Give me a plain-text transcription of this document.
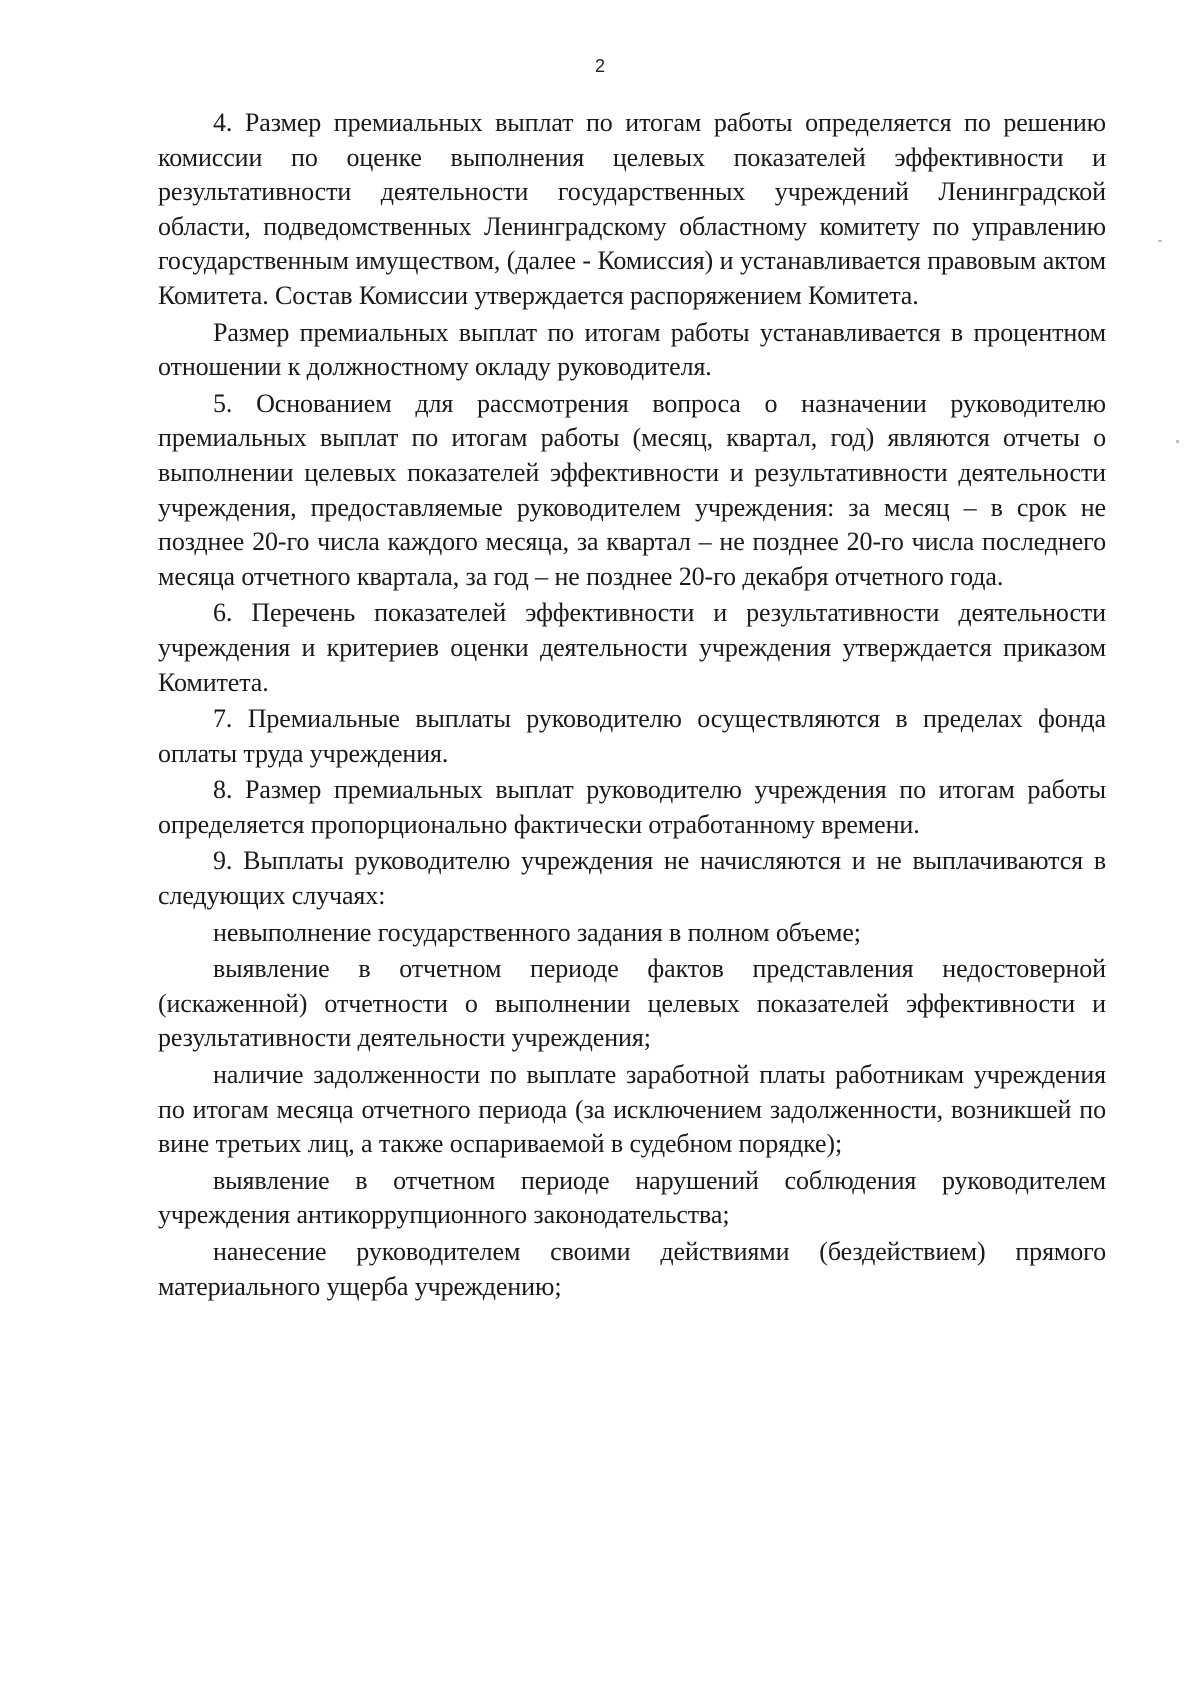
2

4. Размер премиальных выплат по итогам работы определяется по решению комиссии по оценке выполнения целевых показателей эффективности и результативности деятельности государственных учреждений Ленинградской области, подведомственных Ленинградскому областному комитету по управлению государственным имуществом, (далее - Комиссия) и устанавливается правовым актом Комитета. Состав Комиссии утверждается распоряжением Комитета.

Размер премиальных выплат по итогам работы устанавливается в процентном отношении к должностному окладу руководителя.

5. Основанием для рассмотрения вопроса о назначении руководителю премиальных выплат по итогам работы (месяц, квартал, год) являются отчеты о выполнении целевых показателей эффективности и результативности деятельности учреждения, предоставляемые руководителем учреждения: за месяц – в срок не позднее 20-го числа каждого месяца, за квартал – не позднее 20-го числа последнего месяца отчетного квартала, за год – не позднее 20-го декабря отчетного года.

6. Перечень показателей эффективности и результативности деятельности учреждения и критериев оценки деятельности учреждения утверждается приказом Комитета.

7. Премиальные выплаты руководителю осуществляются в пределах фонда оплаты труда учреждения.

8. Размер премиальных выплат руководителю учреждения по итогам работы определяется пропорционально фактически отработанному времени.

9. Выплаты руководителю учреждения не начисляются и не выплачиваются в следующих случаях:

невыполнение государственного задания в полном объеме;

выявление в отчетном периоде фактов представления недостоверной (искаженной) отчетности о выполнении целевых показателей эффективности и результативности деятельности учреждения;

наличие задолженности по выплате заработной платы работникам учреждения по итогам месяца отчетного периода (за исключением задолженности, возникшей по вине третьих лиц, а также оспариваемой в судебном порядке);

выявление в отчетном периоде нарушений соблюдения руководителем учреждения антикоррупционного законодательства;

нанесение руководителем своими действиями (бездействием) прямого материального ущерба учреждению;
